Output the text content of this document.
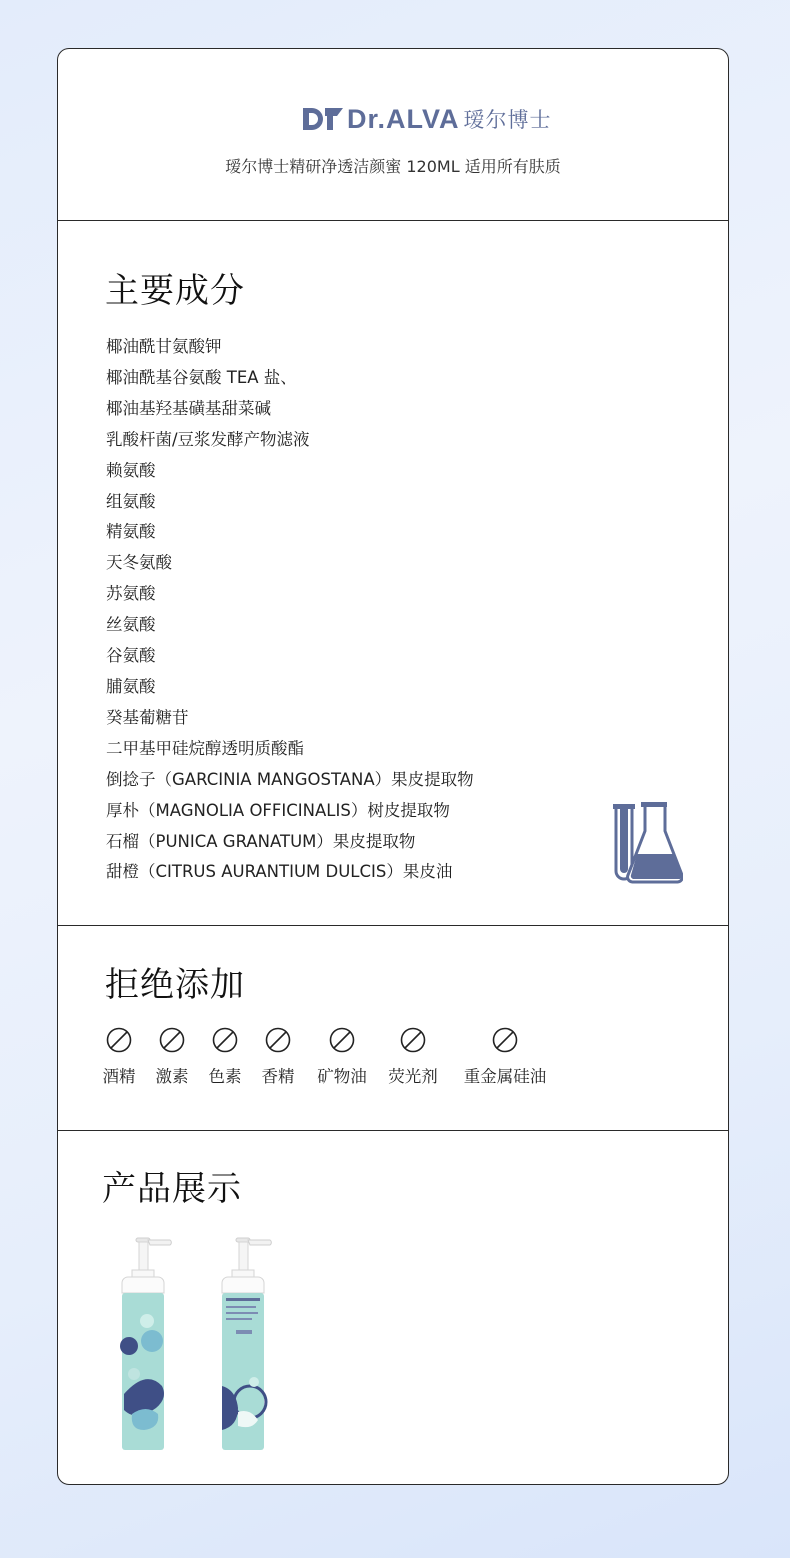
Dr.ALVA 瑷尔博士
瑷尔博士精研净透洁颜蜜 120ML 适用所有肤质
主要成分
椰油酰甘氨酸钾
椰油酰基谷氨酸 TEA 盐、
椰油基羟基磺基甜菜碱
乳酸杆菌/豆浆发酵产物滤液
赖氨酸
组氨酸
精氨酸
天冬氨酸
苏氨酸
丝氨酸
谷氨酸
脯氨酸
癸基葡糖苷
二甲基甲硅烷醇透明质酸酯
倒捻子（GARCINIA MANGOSTANA）果皮提取物
厚朴（MAGNOLIA OFFICINALIS）树皮提取物
石榴（PUNICA GRANATUM）果皮提取物
甜橙（CITRUS AURANTIUM DULCIS）果皮油
拒绝添加
酒精 激素 色素 香精 矿物油 荧光剂 重金属硅油
产品展示
